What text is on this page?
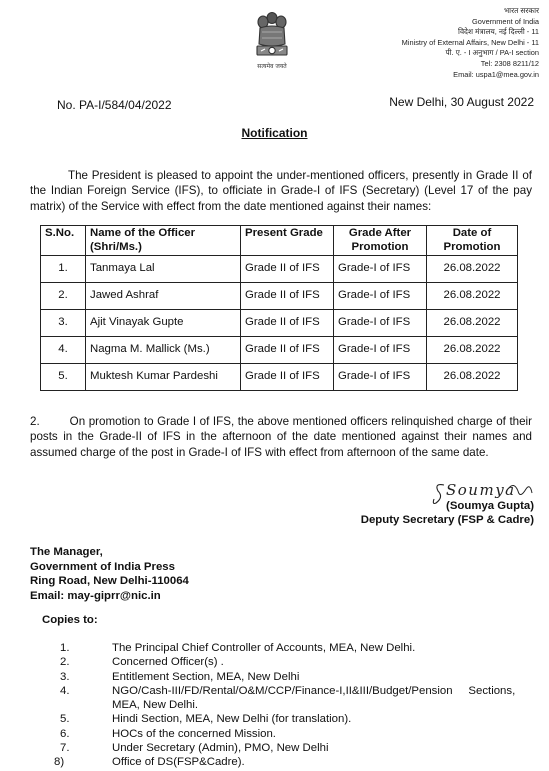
सत्यमेव जयते
भारत सरकार
Government of India
विदेश मंत्रालय, नई दिल्ली - 11
Ministry of External Affairs, New Delhi - 11
पी. ए. - I अनुभाग / PA-I section
Tel: 2308 8211/12
Email: uspa1@mea.gov.in
No. PA-I/584/04/2022	New Delhi, 30 August 2022
Notification
The President is pleased to appoint the under-mentioned officers, presently in Grade II of the Indian Foreign Service (IFS), to officiate in Grade-I of IFS (Secretary) (Level 17 of the pay matrix) of the Service with effect from the date mentioned against their names:
S.No.	Name of the Officer (Shri/Ms.)	Present Grade	Grade After Promotion	Date of Promotion
1.	Tanmaya Lal	Grade II of IFS	Grade-I of IFS	26.08.2022
2.	Jawed Ashraf	Grade II of IFS	Grade-I of IFS	26.08.2022
3.	Ajit Vinayak Gupte	Grade II of IFS	Grade-I of IFS	26.08.2022
4.	Nagma M. Mallick (Ms.)	Grade II of IFS	Grade-I of IFS	26.08.2022
5.	Muktesh Kumar Pardeshi	Grade II of IFS	Grade-I of IFS	26.08.2022
2.	On promotion to Grade I of IFS, the above mentioned officers relinquished charge of their posts in the Grade-II of IFS in the afternoon of the date mentioned against their names and assumed charge of the post in Grade-I of IFS with effect from afternoon of the same date.
Soumya
(Soumya Gupta)
Deputy Secretary (FSP & Cadre)
The Manager,
Government of India Press
Ring Road, New Delhi-110064
Email: may-giprr@nic.in
Copies to:
1.	The Principal Chief Controller of Accounts, MEA, New Delhi.
2.	Concerned Officer(s) .
3.	Entitlement Section, MEA, New Delhi
4.	NGO/Cash-III/FD/Rental/O&M/CCP/Finance-I,II&III/Budget/Pension     Sections, MEA, New Delhi.
5.	Hindi Section, MEA, New Delhi (for translation).
6.	HOCs of the concerned Mission.
7.	Under Secretary (Admin), PMO, New Delhi
8)	Office of DS(FSP&Cadre).
